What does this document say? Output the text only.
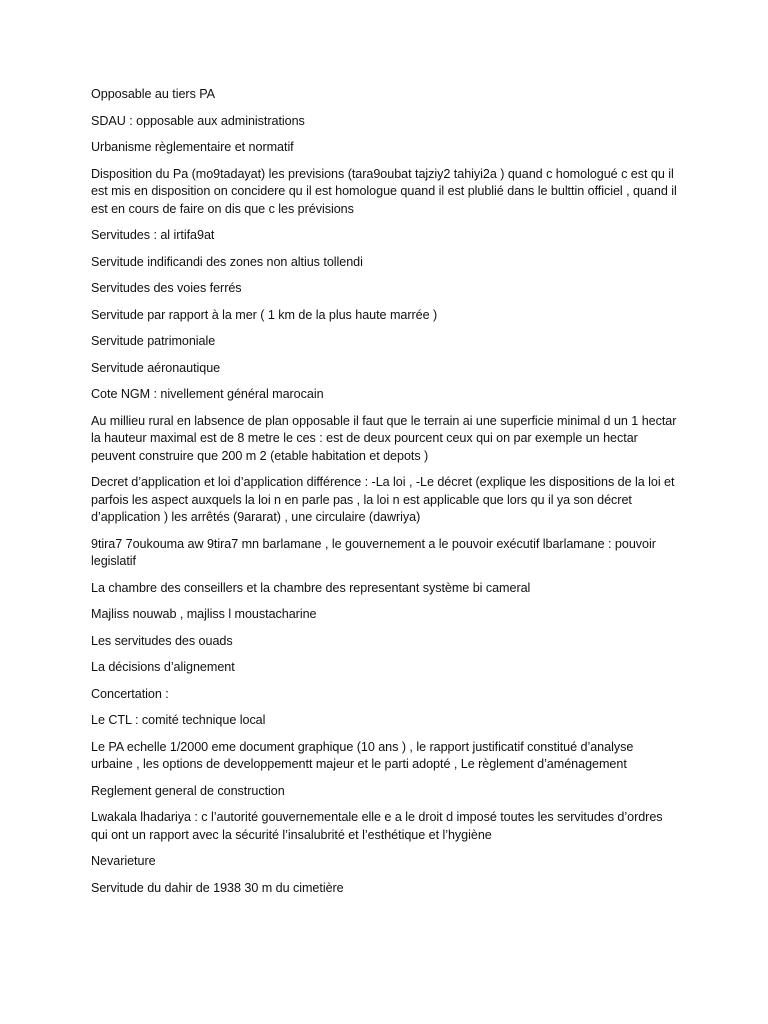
Opposable au tiers PA

SDAU : opposable aux administrations

Urbanisme règlementaire et normatif

Disposition du Pa (mo9tadayat) les previsions (tara9oubat tajziy2 tahiyi2a ) quand c homologué c est qu il est mis en disposition on concidere qu il est homologue quand il est plublié dans le bulttin officiel , quand il est en cours de faire on dis que c les prévisions

Servitudes : al irtifa9at

Servitude indificandi des zones non altius tollendi

Servitudes des voies ferrés

Servitude par rapport à la mer ( 1 km de la plus haute marrée )

Servitude patrimoniale

Servitude aéronautique

Cote NGM : nivellement général marocain

Au millieu rural en labsence de plan opposable il faut que le terrain ai une superficie minimal d un 1 hectar la hauteur maximal est de 8 metre le ces : est de deux pourcent ceux qui on par exemple un hectar peuvent construire que 200 m 2 (etable habitation et depots )

Decret d’application et loi d’application différence : -La loi , -Le décret (explique les dispositions de la loi et parfois les aspect auxquels la loi n en parle pas , la loi n est applicable que lors qu il ya son décret d’application ) les arrêtés (9ararat) , une circulaire (dawriya)

9tira7 7oukouma aw 9tira7 mn barlamane , le gouvernement a le pouvoir exécutif lbarlamane : pouvoir legislatif

La chambre des conseillers et la chambre des representant système bi cameral

Majliss nouwab , majliss l moustacharine

Les servitudes des ouads

La décisions d’alignement

Concertation :

Le CTL : comité technique local

Le PA echelle 1/2000 eme document graphique (10 ans ) , le rapport justificatif constitué d’analyse urbaine , les options de developpementt majeur et le parti adopté , Le règlement d’aménagement

Reglement general de construction

Lwakala lhadariya : c l’autorité gouvernementale elle e a le droit d imposé toutes les servitudes d’ordres qui ont un rapport avec la sécurité l’insalubrité et l’esthétique et l’hygiène

Nevarieture

Servitude du dahir de 1938 30 m du cimetière
